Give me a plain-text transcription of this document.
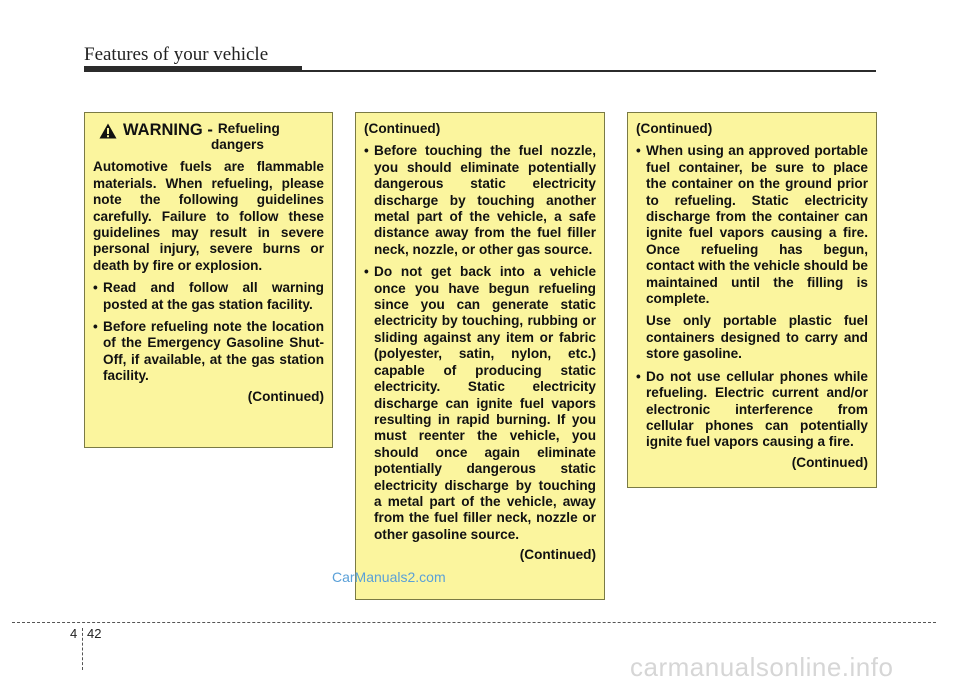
Features of your vehicle
WARNING - Refueling
dangers

Automotive fuels are flammable materials. When refueling, please note the following guidelines carefully. Failure to follow these guidelines may result in severe personal injury, severe burns or death by fire or explosion.

• Read and follow all warning posted at the gas station facility.
• Before refueling note the location of the Emergency Gasoline Shut-Off, if available, at the gas station facility.
(Continued)
(Continued)
• Before touching the fuel nozzle, you should eliminate potentially dangerous static electricity discharge by touching another metal part of the vehicle, a safe distance away from the fuel filler neck, nozzle, or other gas source.
• Do not get back into a vehicle once you have begun refueling since you can generate static electricity by touching, rubbing or sliding against any item or fabric (polyester, satin, nylon, etc.) capable of producing static electricity. Static electricity discharge can ignite fuel vapors resulting in rapid burning. If you must reenter the vehicle, you should once again eliminate potentially dangerous static electricity discharge by touching a metal part of the vehicle, away from the fuel filler neck, nozzle or other gasoline source.
(Continued)
(Continued)
• When using an approved portable fuel container, be sure to place the container on the ground prior to refueling. Static electricity discharge from the container can ignite fuel vapors causing a fire. Once refueling has begun, contact with the vehicle should be maintained until the filling is complete.
Use only portable plastic fuel containers designed to carry and store gasoline.
• Do not use cellular phones while refueling. Electric current and/or electronic interference from cellular phones can potentially ignite fuel vapors causing a fire.
(Continued)
CarManuals2.com
4 42
carmanualsonline.info
